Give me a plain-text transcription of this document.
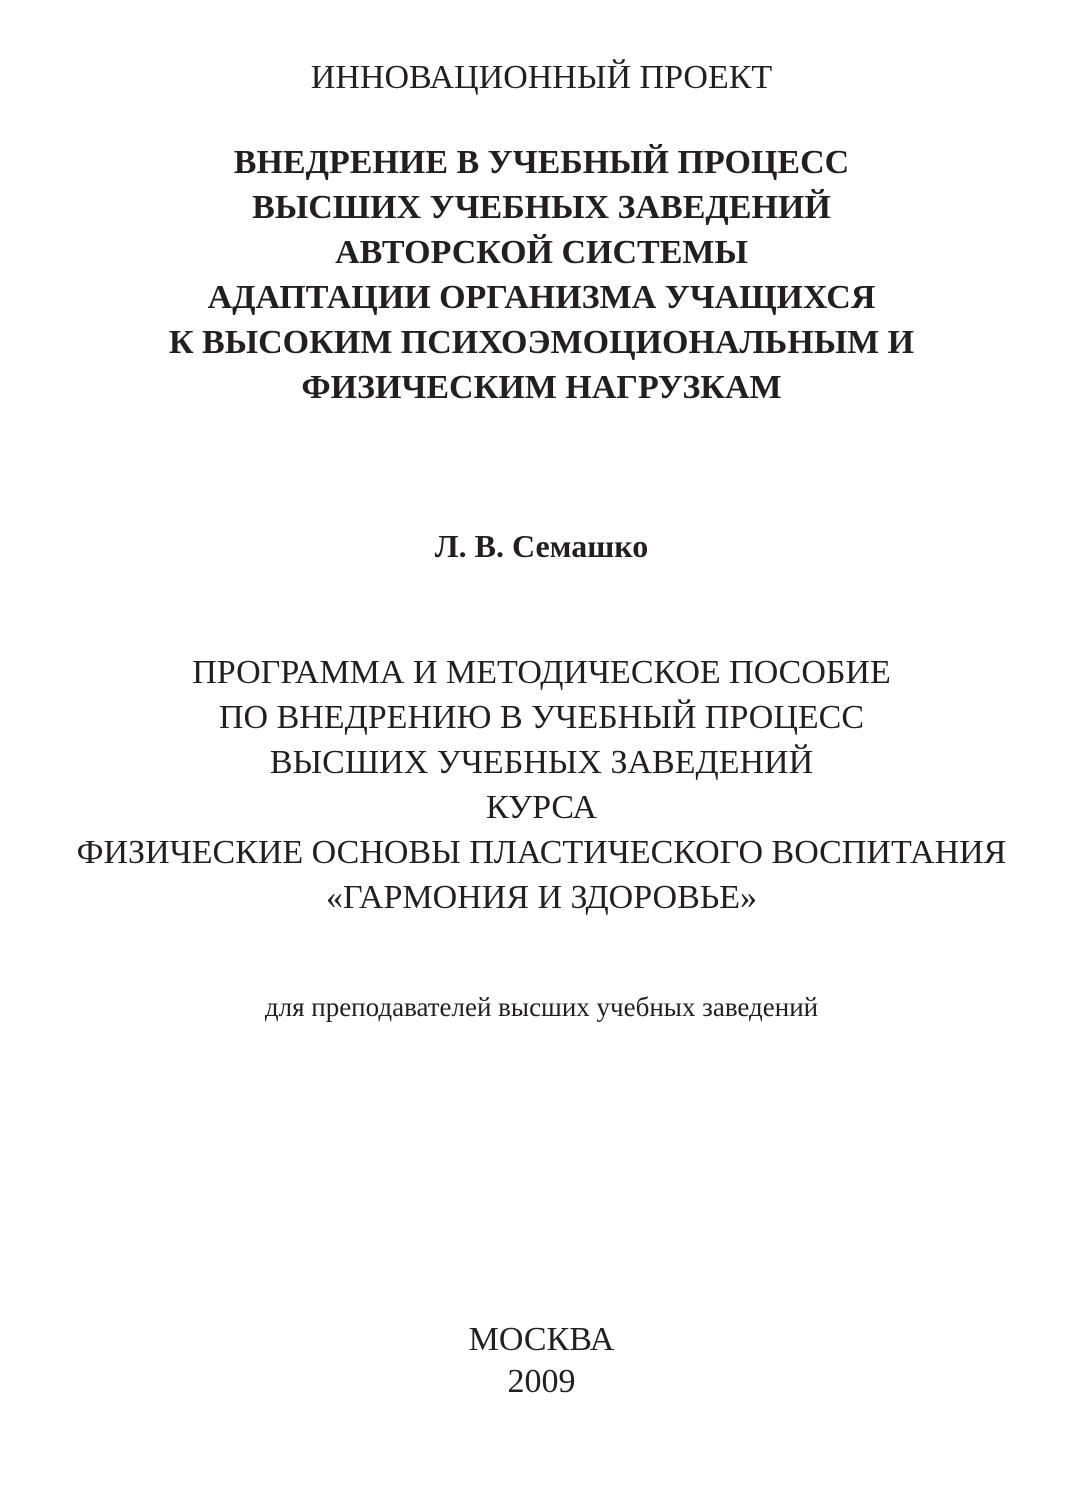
ИННОВАЦИОННЫЙ ПРОЕКТ
ВНЕДРЕНИЕ В УЧЕБНЫЙ ПРОЦЕСС
ВЫСШИХ УЧЕБНЫХ ЗАВЕДЕНИЙ
АВТОРСКОЙ СИСТЕМЫ
АДАПТАЦИИ ОРГАНИЗМА УЧАЩИХСЯ
К ВЫСОКИМ ПСИХОЭМОЦИОНАЛЬНЫМ И
ФИЗИЧЕСКИМ НАГРУЗКАМ
Л. В. Семашко
ПРОГРАММА И МЕТОДИЧЕСКОЕ ПОСОБИЕ
ПО ВНЕДРЕНИЮ В УЧЕБНЫЙ ПРОЦЕСС
ВЫСШИХ УЧЕБНЫХ ЗАВЕДЕНИЙ
КУРСА
ФИЗИЧЕСКИЕ ОСНОВЫ ПЛАСТИЧЕСКОГО ВОСПИТАНИЯ
«ГАРМОНИЯ И ЗДОРОВЬЕ»
для преподавателей высших учебных заведений
МОСКВА
2009
